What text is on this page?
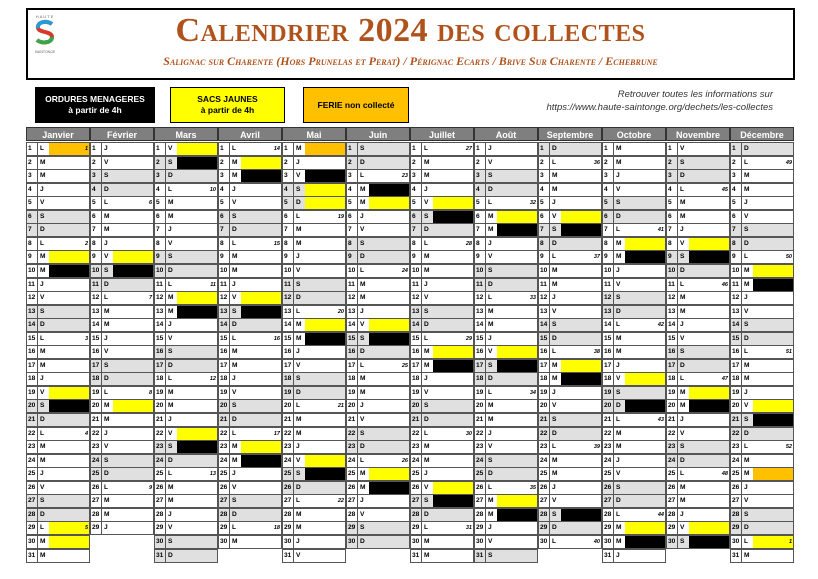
HAUTE
SAINTONGE
Calendrier 2024 des collectes
Salignac sur Charente (Hors Prunelas et Perat) / Pérignac Ecarts / Brive Sur Charente / Echebrune
ORDURES MENAGERES
à partir de 4h
SACS JAUNES
à partir de 4h
FERIE non collecté
Retrouver toutes les informations sur
https://www.haute-saintonge.org/dechets/les-collectes
Janvier
1	L	1
2	M
3	M
4	J
5	V
6	S
7	D
8	L	2
9	M
10 M
11 J
12 V
13 S
14 D
15 L	3
16 M
17 M
18 J
19 V
20 S
21 D
22 L	4
23 M
24 M
25 J
26 V
27 S
28 D
29 L	5
30 M
31 M
Février
1	J
2	V
3	S
4	D
5	L	6
6	M
7	M
8	J
9	V
10 S
11 D
12 L	7
13 M
14 M
15 J
16 V
17 S
18 D
19 L	8
20 M
21 M
22 J
23 V
24 S
25 D
26 L	9
27 M
28 M
29 J
Mars
1	V
2	S
3	D
4	L	10
5	M
6	M
7	J
8	V
9	S
10 D
11 L	11
12 M
13 M
14 J
15 V
16 S
17 D
18 L	12
19 M
20 M
21 J
22 V
23 S
24 D
25 L	13
26 M
27 M
28 J
29 V
30 S
31 D
Avril
1	L	14
2	M
3	M
4	J
5	V
6	S
7	D
8	L	15
9	M
10 M
11 J
12 V
13 S
14 D
15 L	16
16 M
17 M
18 J
19 V
20 S
21 D
22 L	17
23 M
24 M
25 J
26 V
27 S
28 D
29 L	18
30 M
Mai
1	M
2	J
3	V
4	S
5	D
6	L	19
7	M
8	M
9	J
10 V
11 S
12 D
13 L	20
14 M
15 M
16 J
17 V
18 S
19 D
20 L	21
21 M
22 M
23 J
24 V
25 S
26 D
27 L	22
28 M
29 M
30 J
31 V
Juin
1	S
2	D
3	L	23
4	M
5	M
6	J
7	V
8	S
9	D
10 L	24
11 M
12 M
13 J
14 V
15 S
16 D
17 L	25
18 M
19 M
20 J
21 V
22 S
23 D
24 L	26
25 M
26 M
27 J
28 V
29 S
30 D
Juillet
1	L	27
2	M
3	M
4	J
5	V
6	S
7	D
8	L	28
9	M
10 M
11 J
12 V
13 S
14 D
15 L	29
16 M
17 M
18 J
19 V
20 S
21 D
22 L	30
23 M
24 M
25 J
26 V
27 S
28 D
29 L	31
30 M
31 M
Août
1	J
2	V
3	S
4	D
5	L	32
6	M
7	M
8	J
9	V
10 S
11 D
12 L	33
13 M
14 M
15 J
16 V
17 S
18 D
19 L	34
20 M
21 M
22 J
23 V
24 S
25 D
26 L	35
27 M
28 M
29 J
30 V
31 S
Septembre
1	D
2	L	36
3	M
4	M
5	J
6	V
7	S
8	D
9	L	37
10 M
11 M
12 J
13 V
14 S
15 D
16 L	38
17 M
18 M
19 J
20 V
21 S
22 D
23 L	39
24 M
25 M
26 J
27 V
28 S
29 D
30 L	40
Octobre
1	M
2	M
3	J
4	V
5	S
6	D
7	L	41
8	M
9	M
10 J
11 V
12 S
13 D
14 L	42
15 M
16 M
17 J
18 V
19 S
20 D
21 L	43
22 M
23 M
24 J
25 V
26 S
27 D
28 L	44
29 M
30 M
31 J
Novembre
1	V
2	S
3	D
4	L	45
5	M
6	M
7	J
8	V
9	S
10 D
11 L	46
12 M
13 M
14 J
15 V
16 S
17 D
18 L	47
19 M
20 M
21 J
22 V
23 S
24 D
25 L	48
26 M
27 M
28 J
29 V
30 S
Décembre
1	D
2	L	49
3	M
4	M
5	J
6	V
7	S
8	D
9	L	50
10 M
11 M
12 J
13 V
14 S
15 D
16 L	51
17 M
18 M
19 J
20 V
21 S
22 D
23 L	52
24 M
25 M
26 J
27 V
28 S
29 D
30 L	1
31 M
